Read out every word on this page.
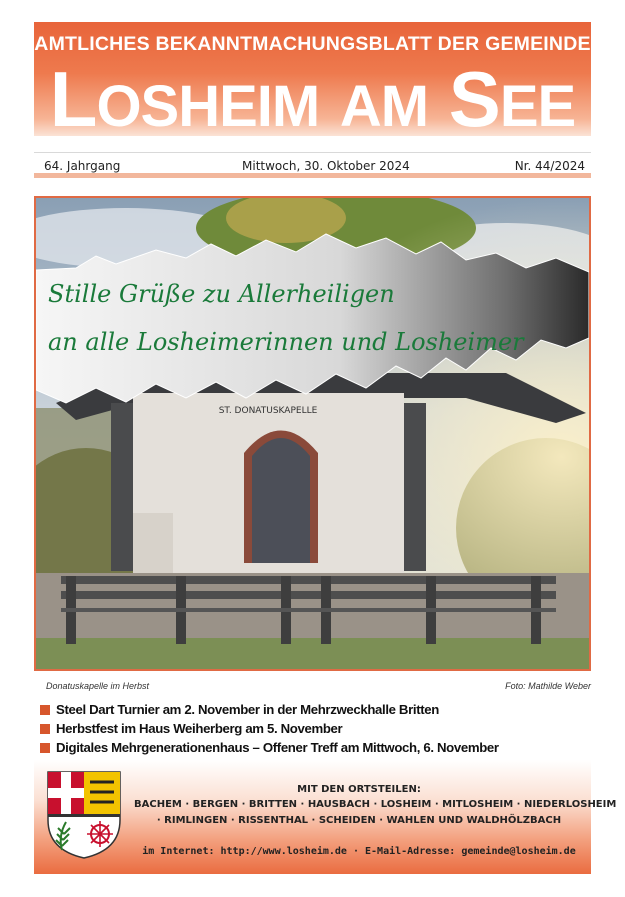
AMTLICHES BEKANNTMACHUNGSBLATT DER GEMEINDE
LOSHEIM AM SEE
64. Jahrgang	Mittwoch, 30. Oktober 2024	Nr. 44/2024
ST. DONATUSKAPELLE
Stille Grüße zu Allerheiligen
an alle Losheimerinnen und Losheimer
Donatuskapelle im Herbst	Foto: Mathilde Weber
Steel Dart Turnier am 2. November in der Mehrzweckhalle Britten
Herbstfest im Haus Weiherberg am 5. November
Digitales Mehrgenerationenhaus – Offener Treff am Mittwoch, 6. November
MIT DEN ORTSTEILEN:
BACHEM · BERGEN · BRITTEN · HAUSBACH · LOSHEIM · MITLOSHEIM · NIEDERLOSHEIM
· RIMLINGEN · RISSENTHAL · SCHEIDEN · WAHLEN UND WALDHÖLZBACH
im Internet: http://www.losheim.de · E-Mail-Adresse: gemeinde@losheim.de
